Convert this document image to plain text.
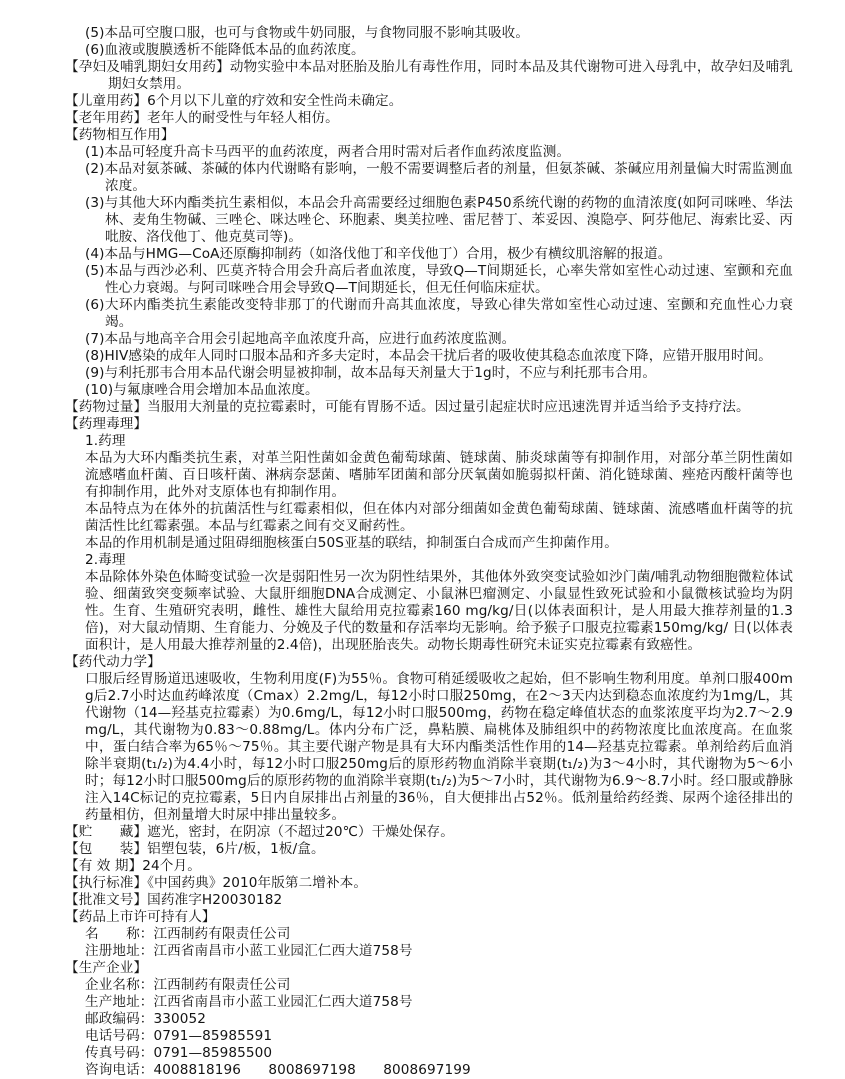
(5)本品可空腹口服，也可与食物或牛奶同服，与食物同服不影响其吸收。

(6)血液或腹膜透析不能降低本品的血药浓度。

【孕妇及哺乳期妇女用药】动物实验中本品对胚胎及胎儿有毒性作用，同时本品及其代谢物可进入母乳中，故孕妇及哺乳期妇女禁用。

【儿童用药】6个月以下儿童的疗效和安全性尚未确定。

【老年用药】老年人的耐受性与年轻人相仿。

【药物相互作用】

(1)本品可轻度升高卡马西平的血药浓度，两者合用时需对后者作血药浓度监测。

(2)本品对氨茶碱、茶碱的体内代谢略有影响，一般不需要调整后者的剂量，但氨茶碱、茶碱应用剂量偏大时需监测血浓度。

(3)与其他大环内酯类抗生素相似，本品会升高需要经过细胞色素P450系统代谢的药物的血清浓度(如阿司咪唑、华法林、麦角生物碱、三唑仑、咪达唑仑、环胞素、奥美拉唑、雷尼替丁、苯妥因、溴隐亭、阿芬他尼、海索比妥、丙吡胺、洛伐他丁、他克莫司等)。

(4)本品与HMG—CoA还原酶抑制药（如洛伐他丁和辛伐他丁）合用，极少有横纹肌溶解的报道。

(5)本品与西沙必利、匹莫齐特合用会升高后者血浓度，导致Q—T间期延长，心率失常如室性心动过速、室颤和充血性心力衰竭。与阿司咪唑合用会导致Q—T间期延长，但无任何临床症状。

(6)大环内酯类抗生素能改变特非那丁的代谢而升高其血浓度，导致心律失常如室性心动过速、室颤和充血性心力衰竭。

(7)本品与地高辛合用会引起地高辛血浓度升高，应进行血药浓度监测。

(8)HIV感染的成年人同时口服本品和齐多夫定时，本品会干扰后者的吸收使其稳态血浓度下降，应错开服用时间。

(9)与利托那韦合用本品代谢会明显被抑制，故本品每天剂量大于1g时，不应与利托那韦合用。

(10)与氟康唑合用会增加本品血浓度。

【药物过量】当服用大剂量的克拉霉素时，可能有胃肠不适。因过量引起症状时应迅速洗胃并适当给予支持疗法。

【药理毒理】

1.药理

本品为大环内酯类抗生素，对革兰阳性菌如金黄色葡萄球菌、链球菌、肺炎球菌等有抑制作用，对部分革兰阴性菌如流感嗜血杆菌、百日咳杆菌、淋病奈瑟菌、嗜肺军团菌和部分厌氧菌如脆弱拟杆菌、消化链球菌、痤疮丙酸杆菌等也有抑制作用，此外对支原体也有抑制作用。

本品特点为在体外的抗菌活性与红霉素相似，但在体内对部分细菌如金黄色葡萄球菌、链球菌、流感嗜血杆菌等的抗菌活性比红霉素强。本品与红霉素之间有交叉耐药性。

本品的作用机制是通过阻碍细胞核蛋白50S亚基的联结，抑制蛋白合成而产生抑菌作用。

2.毒理

本品除体外染色体畸变试验一次是弱阳性另一次为阴性结果外，其他体外致突变试验如沙门菌/哺乳动物细胞微粒体试验、细菌致突变频率试验、大鼠肝细胞DNA合成测定、小鼠淋巴瘤测定、小鼠显性致死试验和小鼠微核试验均为阴性。生育、生殖研究表明，雌性、雄性大鼠给用克拉霉素160 mg/kg/日(以体表面积计，是人用最大推荐剂量的1.3倍)，对大鼠动情期、生育能力、分娩及子代的数量和存活率均无影响。给予猴子口服克拉霉素150mg/kg/ 日(以体表面积计，是人用最大推荐剂量的2.4倍)，出现胚胎丧失。动物长期毒性研究未证实克拉霉素有致癌性。

【药代动力学】

口服后经胃肠道迅速吸收，生物利用度(F)为55％。食物可稍延缓吸收之起始，但不影响生物利用度。单剂口服400mg后2.7小时达血药峰浓度（Cmax）2.2mg/L，每12小时口服250mg，在2～3天内达到稳态血浓度约为1mg/L，其代谢物（14—羟基克拉霉素）为0.6mg/L，每12小时口服500mg，药物在稳定峰值状态的血浆浓度平均为2.7～2.9mg/L，其代谢物为0.83～0.88mg/L。体内分布广泛，鼻粘膜、扁桃体及肺组织中的药物浓度比血浓度高。在血浆中，蛋白结合率为65％～75％。其主要代谢产物是具有大环内酯类活性作用的14—羟基克拉霉素。单剂给药后血消除半衰期(t₁/₂)为4.4小时，每12小时口服250mg后的原形药物血消除半衰期(t₁/₂)为3～4小时，其代谢物为5～6小时；每12小时口服500mg后的原形药物的血消除半衰期(t₁/₂)为5～7小时，其代谢物为6.9～8.7小时。经口服或静脉注入14C标记的克拉霉素，5日内自尿排出占剂量的36％，自大便排出占52％。低剂量给药经粪、尿两个途径排出的药量相仿，但剂量增大时尿中排出量较多。

【贮　　藏】遮光，密封，在阴凉（不超过20℃）干燥处保存。

【包　　装】铝塑包装，6片/板，1板/盒。

【有 效 期】24个月。

【执行标准】《中国药典》2010年版第二增补本。

【批准文号】国药准字H20030182

【药品上市许可持有人】

名　　称：江西制药有限责任公司

注册地址：江西省南昌市小蓝工业园汇仁西大道758号

【生产企业】

企业名称：江西制药有限责任公司

生产地址：江西省南昌市小蓝工业园汇仁西大道758号

邮政编码：330052

电话号码：0791—85985591

传真号码：0791—85985500

咨询电话：4008818196　　8008697198　　8008697199
